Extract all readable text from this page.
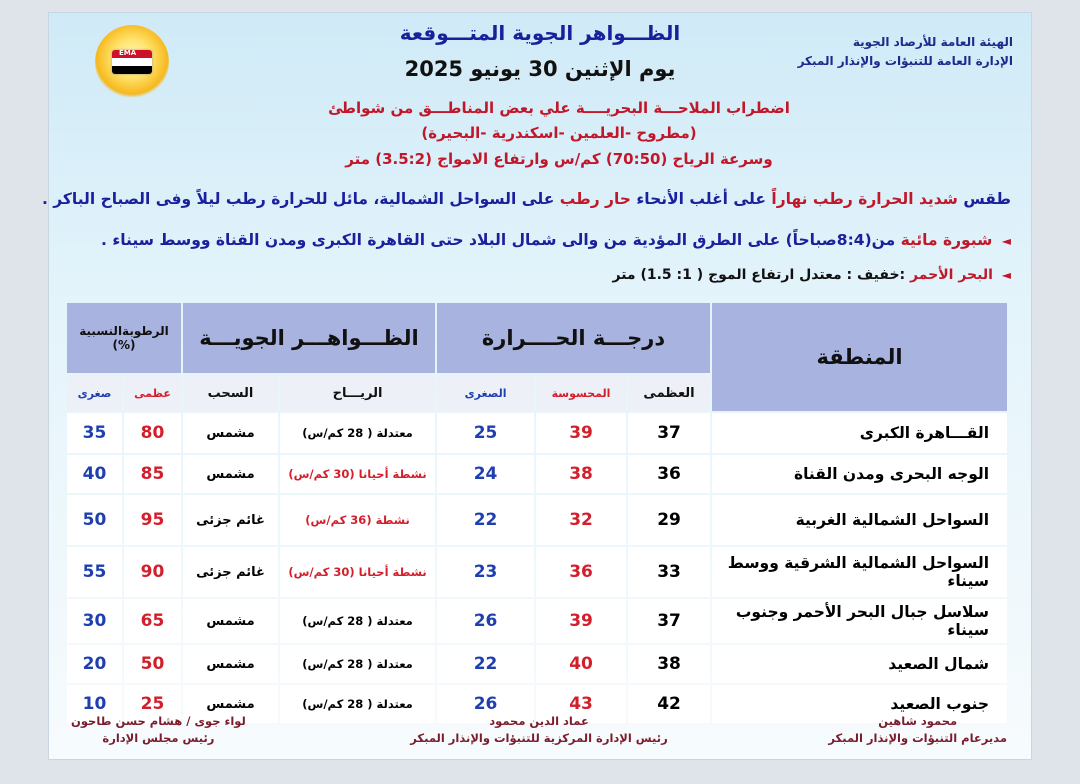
EMA
الهيئة العامة للأرصاد الجوية
الإدارة العامة للتنبؤات والإنذار المبكر
الظـــواهر الجوية المتـــوقعة
يوم الإثنين 30 يونيو 2025
اضطراب الملاحـــة البحريــــة علي بعض المناطـــق من شواطئ
(مطروح -العلمين -اسكندرية -البحيرة)
وسرعة الرياح (70:50) كم/س وارتفاع الامواج (3.5:2) متر
طقس شديد الحرارة رطب نهاراً على أغلب الأنحاء حار رطب على السواحل الشمالية، مائل للحرارة رطب ليلاً وفى الصباح الباكر .
◄ شبورة مائية من(8:4صباحاً) على الطرق المؤدية من والى شمال البلاد حتى القاهرة الكبرى ومدن القناة ووسط سيناء .
◄ البحر الأحمر :خفيف : معتدل ارتفاع الموج ( 1: 1.5) متر
الرطوبةالنسبية (%)		الظـــواهـــر الجويـــة		درجـــة الحــــرارة			المنطقة
صغرى	عظمى	السحب	الريـــاح	الصغرى	المحسوسة	العظمى	
35	80	مشمس	معتدلة ( 28 كم/س)	25	39	37	القـــاهرة الكبرى
40	85	مشمس	نشطة أحيانا (30 كم/س)	24	38	36	الوجه البحرى ومدن القناة
50	95	غائم جزئى	نشطة (36 كم/س)	22	32	29	السواحل الشمالية الغربية
55	90	غائم جزئى	نشطة أحيانا (30 كم/س)	23	36	33	السواحل الشمالية الشرقية ووسط سيناء
30	65	مشمس	معتدلة ( 28 كم/س)	26	39	37	سلاسل جبال البحر الأحمر وجنوب سيناء
20	50	مشمس	معتدلة ( 28 كم/س)	22	40	38	شمال الصعيد
10	25	مشمس	معتدلة ( 28 كم/س)	26	43	42	جنوب الصعيد
محمود شاهين
مديرعام التنبؤات والإنذار المبكر
عماد الدين محمود
رئيس الإدارة المركزية للتنبؤات والإنذار المبكر
لواء جوى / هشام حسن طاحون
رئيس مجلس الإدارة
